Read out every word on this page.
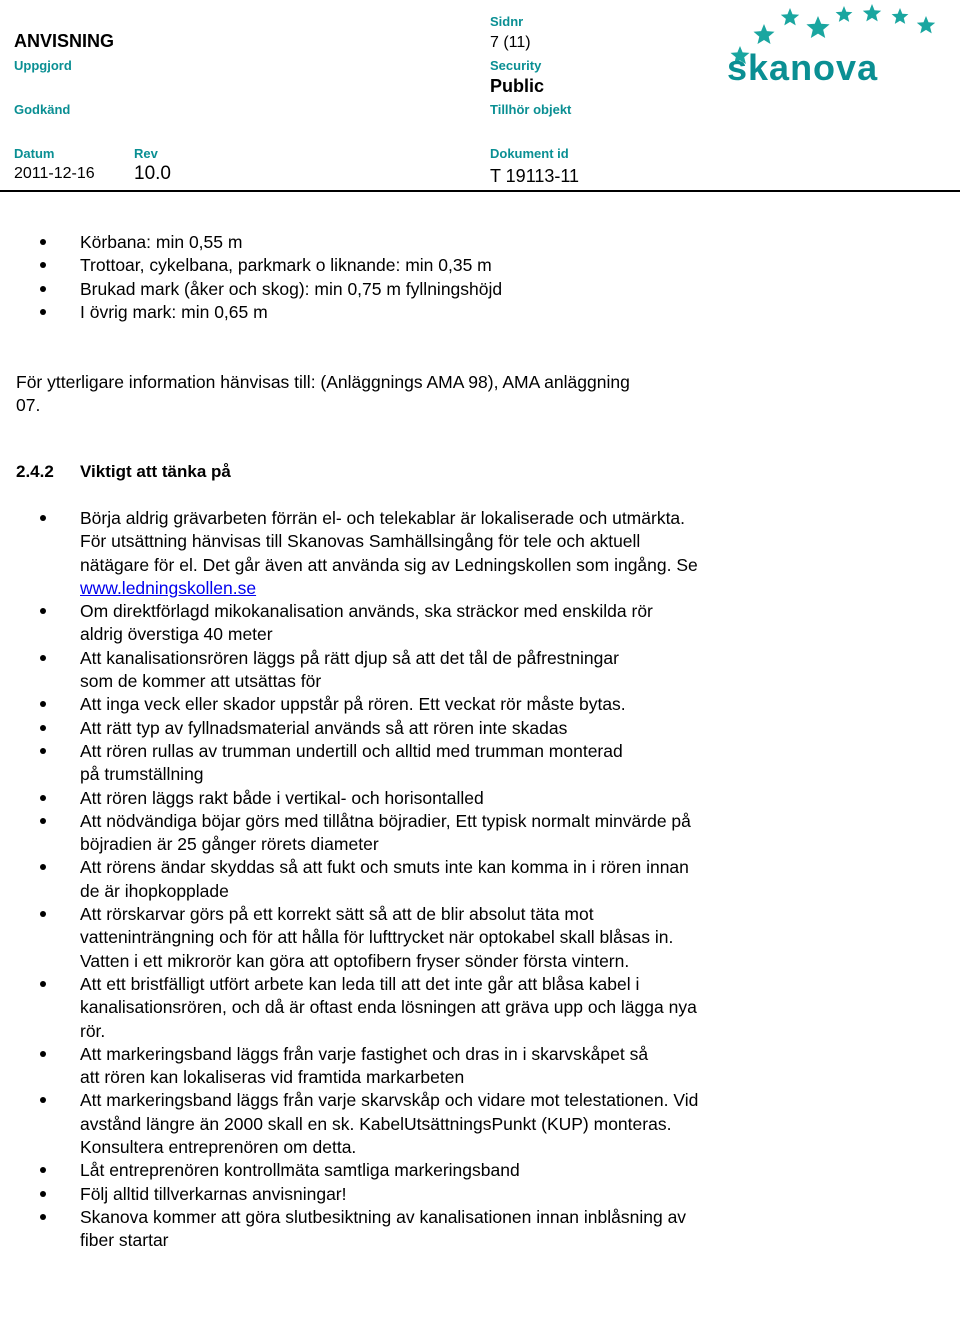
ANVISNING
Uppgjord
Godkänd
Datum
2011-12-16
Rev
10.0
Sidnr
7 (11)
Security
Public
Tillhör objekt
Dokument id
T 19113-11
skanova
Körbana: min 0,55 m
Trottoar, cykelbana, parkmark o liknande: min 0,35 m
Brukad mark (åker och skog): min 0,75 m fyllningshöjd
I övrig mark: min 0,65 m

För ytterligare information hänvisas till: (Anläggnings AMA 98), AMA anläggning 07.

2.4.2 Viktigt att tänka på
Börja aldrig grävarbeten förrän el- och telekablar är lokaliserade och utmärkta. För utsättning hänvisas till Skanovas Samhällsingång för tele och aktuell nätägare för el. Det går även att använda sig av Ledningskollen som ingång. Se www.ledningskollen.se
Om direktförlagd mikokanalisation används, ska sträckor med enskilda rör aldrig överstiga 40 meter
Att kanalisationsrören läggs på rätt djup så att det tål de påfrestningar som de kommer att utsättas för
Att inga veck eller skador uppstår på rören. Ett veckat rör måste bytas.
Att rätt typ av fyllnadsmaterial används så att rören inte skadas
Att rören rullas av trumman undertill och alltid med trumman monterad på trumställning
Att rören läggs rakt både i vertikal- och horisontalled
Att nödvändiga böjar görs med tillåtna böjradier, Ett typisk normalt minvärde på böjradien är 25 gånger rörets diameter
Att rörens ändar skyddas så att fukt och smuts inte kan komma in i rören innan de är ihopkopplade
Att rörskarvar görs på ett korrekt sätt så att de blir absolut täta mot vatteninträngning och för att hålla för lufttrycket när optokabel skall blåsas in. Vatten i ett mikrorör kan göra att optofibern fryser sönder första vintern.
Att ett bristfälligt utfört arbete kan leda till att det inte går att blåsa kabel i kanalisationsrören, och då är oftast enda lösningen att gräva upp och lägga nya rör.
Att markeringsband läggs från varje fastighet och dras in i skarvskåpet så att rören kan lokaliseras vid framtida markarbeten
Att markeringsband läggs från varje skarvskåp och vidare mot telestationen. Vid avstånd längre än 2000 skall en sk. KabelUtsättningsPunkt (KUP) monteras. Konsultera entreprenören om detta.
Låt entreprenören kontrollmäta samtliga markeringsband
Följ alltid tillverkarnas anvisningar!
Skanova kommer att göra slutbesiktning av kanalisationen innan inblåsning av fiber startar
